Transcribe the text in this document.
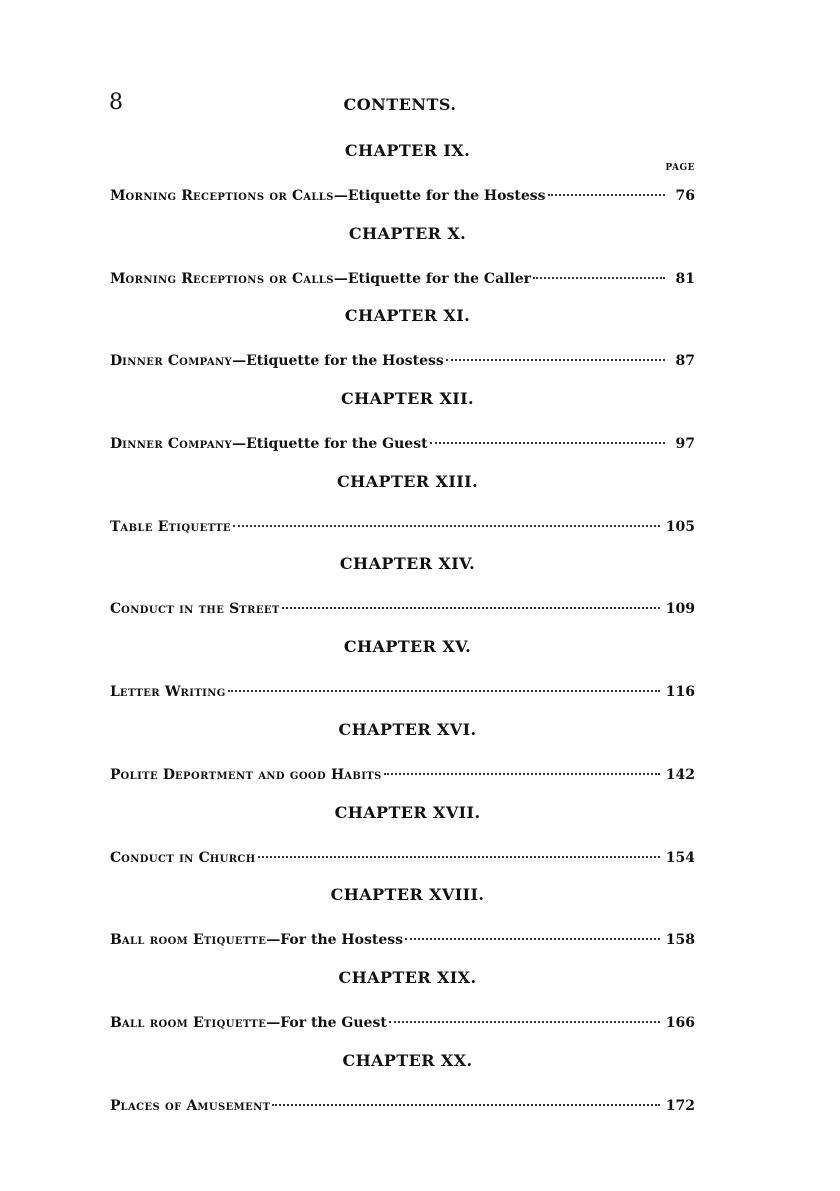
8	CONTENTS.
CHAPTER IX.
PAGE
MORNING RECEPTIONS OR CALLS—Etiquette for the Hostess	76
CHAPTER X.
MORNING RECEPTIONS OR CALLS—Etiquette for the Caller	81
CHAPTER XI.
DINNER COMPANY—Etiquette for the Hostess	87
CHAPTER XII.
DINNER COMPANY—Etiquette for the Guest	97
CHAPTER XIII.
TABLE ETIQUETTE	105
CHAPTER XIV.
CONDUCT IN THE STREET	109
CHAPTER XV.
LETTER WRITING	116
CHAPTER XVI.
POLITE DEPORTMENT AND GOOD HABITS	142
CHAPTER XVII.
CONDUCT IN CHURCH	154
CHAPTER XVIII.
BALL ROOM ETIQUETTE—For the Hostess	158
CHAPTER XIX.
BALL ROOM ETIQUETTE—For the Guest	166
CHAPTER XX.
PLACES OF AMUSEMENT	172
